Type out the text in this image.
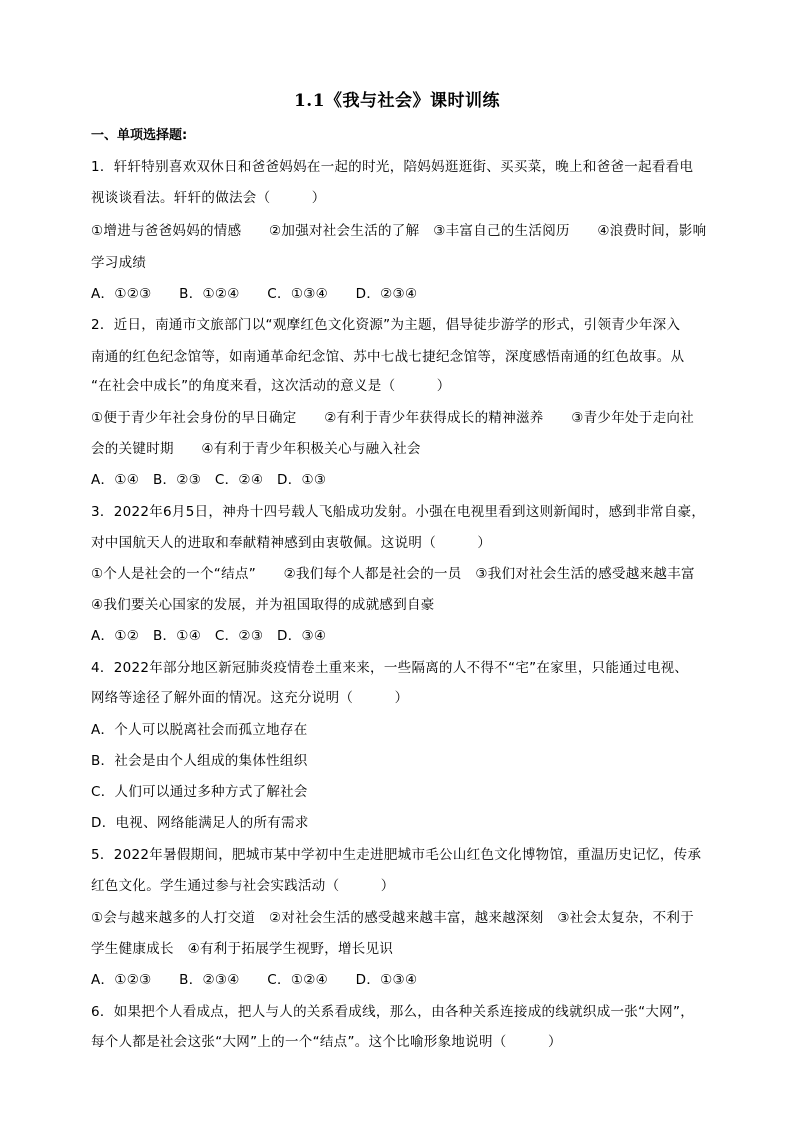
1.1《我与社会》课时训练
一、单项选择题:
1．轩轩特别喜欢双休日和爸爸妈妈在一起的时光，陪妈妈逛逛街、买买菜，晚上和爸爸一起看看电
视谈谈看法。轩轩的做法会（　　　）
①增进与爸爸妈妈的情感　　②加强对社会生活的了解　③丰富自己的生活阅历　　④浪费时间，影响
学习成绩
A．①②③　　B．①②④　　C．①③④　　D．②③④
2．近日，南通市文旅部门以“观摩红色文化资源”为主题，倡导徒步游学的形式，引领青少年深入
南通的红色纪念馆等，如南通革命纪念馆、苏中七战七捷纪念馆等，深度感悟南通的红色故事。从
“在社会中成长”的角度来看，这次活动的意义是（　　　）
①便于青少年社会身份的早日确定　　②有利于青少年获得成长的精神滋养　　③青少年处于走向社
会的关键时期　　④有利于青少年积极关心与融入社会
A．①④　B．②③　C．②④　D．①③
3．2022年6月5日，神舟十四号载人飞船成功发射。小强在电视里看到这则新闻时，感到非常自豪，
对中国航天人的进取和奉献精神感到由衷敬佩。这说明（　　　）
①个人是社会的一个“结点”　　②我们每个人都是社会的一员　③我们对社会生活的感受越来越丰富
④我们要关心国家的发展，并为祖国取得的成就感到自豪
A．①②　B．①④　C．②③　D．③④
4．2022年部分地区新冠肺炎疫情卷土重来来，一些隔离的人不得不“宅”在家里，只能通过电视、
网络等途径了解外面的情况。这充分说明（　　　）
A．个人可以脱离社会而孤立地存在
B．社会是由个人组成的集体性组织
C．人们可以通过多种方式了解社会
D．电视、网络能满足人的所有需求
5．2022年暑假期间，肥城市某中学初中生走进肥城市毛公山红色文化博物馆，重温历史记忆，传承
红色文化。学生通过参与社会实践活动（　　　）
①会与越来越多的人打交道　②对社会生活的感受越来越丰富，越来越深刻　③社会太复杂，不利于
学生健康成长　④有利于拓展学生视野，增长见识
A．①②③　　B．②③④　　C．①②④　　D．①③④
6．如果把个人看成点，把人与人的关系看成线，那么，由各种关系连接成的线就织成一张“大网”，
每个人都是社会这张“大网”上的一个“结点”。这个比喻形象地说明（　　　）
